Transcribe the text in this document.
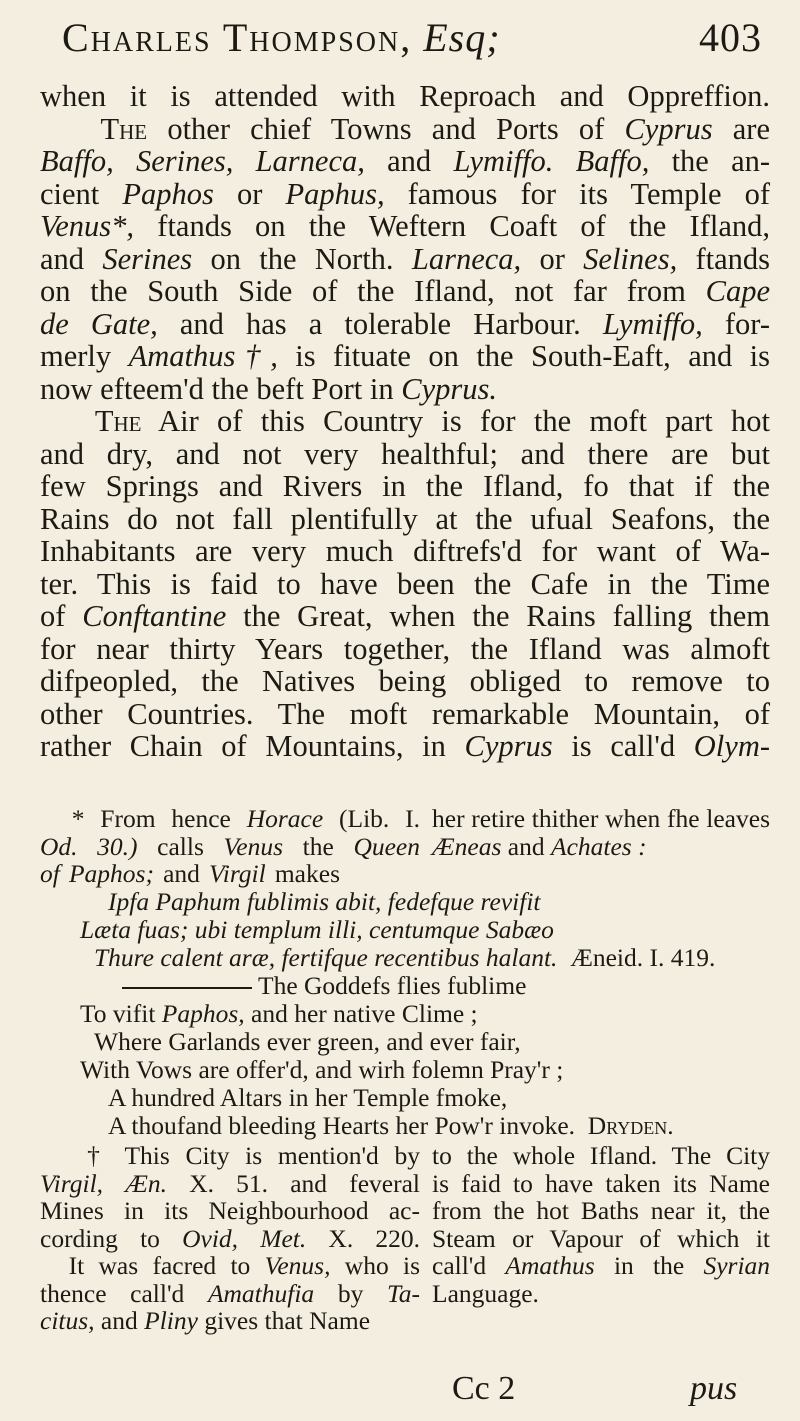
Charles Thompson, Esq;	403
when it is attended with Reproach and Oppreffion.
The other chief Towns and Ports of Cyprus are
Baffo, Serines, Larneca, and Lymiffo. Baffo, the an-
cient Paphos or Paphus, famous for its Temple of
Venus*, ftands on the Weftern Coaft of the Ifland,
and Serines on the North. Larneca, or Selines, ftands
on the South Side of the Ifland, not far from Cape
de Gate, and has a tolerable Harbour. Lymiffo, for-
merly Amathus†, is fituate on the South-Eaft, and is
now efteem'd the beft Port in Cyprus.
The Air of this Country is for the moft part hot
and dry, and not very healthful; and there are but
few Springs and Rivers in the Ifland, fo that if the
Rains do not fall plentifully at the ufual Seafons, the
Inhabitants are very much diftrefs'd for want of Wa-
ter. This is faid to have been the Cafe in the Time
of Conftantine the Great, when the Rains falling them
for near thirty Years together, the Ifland was almoft
difpeopled, the Natives being obliged to remove to
other Countries. The moft remarkable Mountain, of
rather Chain of Mountains, in Cyprus is call'd Olym-
* From hence Horace (Lib. I. her retire thither when fhe leaves
Od. 30.) calls Venus the Queen Æneas and Achates :
of Paphos; and Virgil makes
Ipfa Paphum fublimis abit, fedefque revifit
Læta fuas; ubi templum illi, centumque Sabæo
Thure calent aræ, fertifque recentibus halant. Æneid. I. 419.
The Goddefs flies fublime
To vifit Paphos, and her native Clime ;
Where Garlands ever green, and ever fair,
With Vows are offer'd, and wirh folemn Pray'r ;
A hundred Altars in her Temple fmoke,
A thoufand bleeding Hearts her Pow'r invoke. Dryden.
† This City is mention'd by to the whole Ifland. The City
Virgil, Æn. X. 51. and feveral is faid to have taken its Name
Mines in its Neighbourhood ac- from the hot Baths near it, the
cording to Ovid, Met. X. 220. Steam or Vapour of which it
It was facred to Venus, who is call'd Amathus in the Syrian
thence call'd Amathufia by Ta- Language.
citus, and Pliny gives that Name
Cc 2	pus
